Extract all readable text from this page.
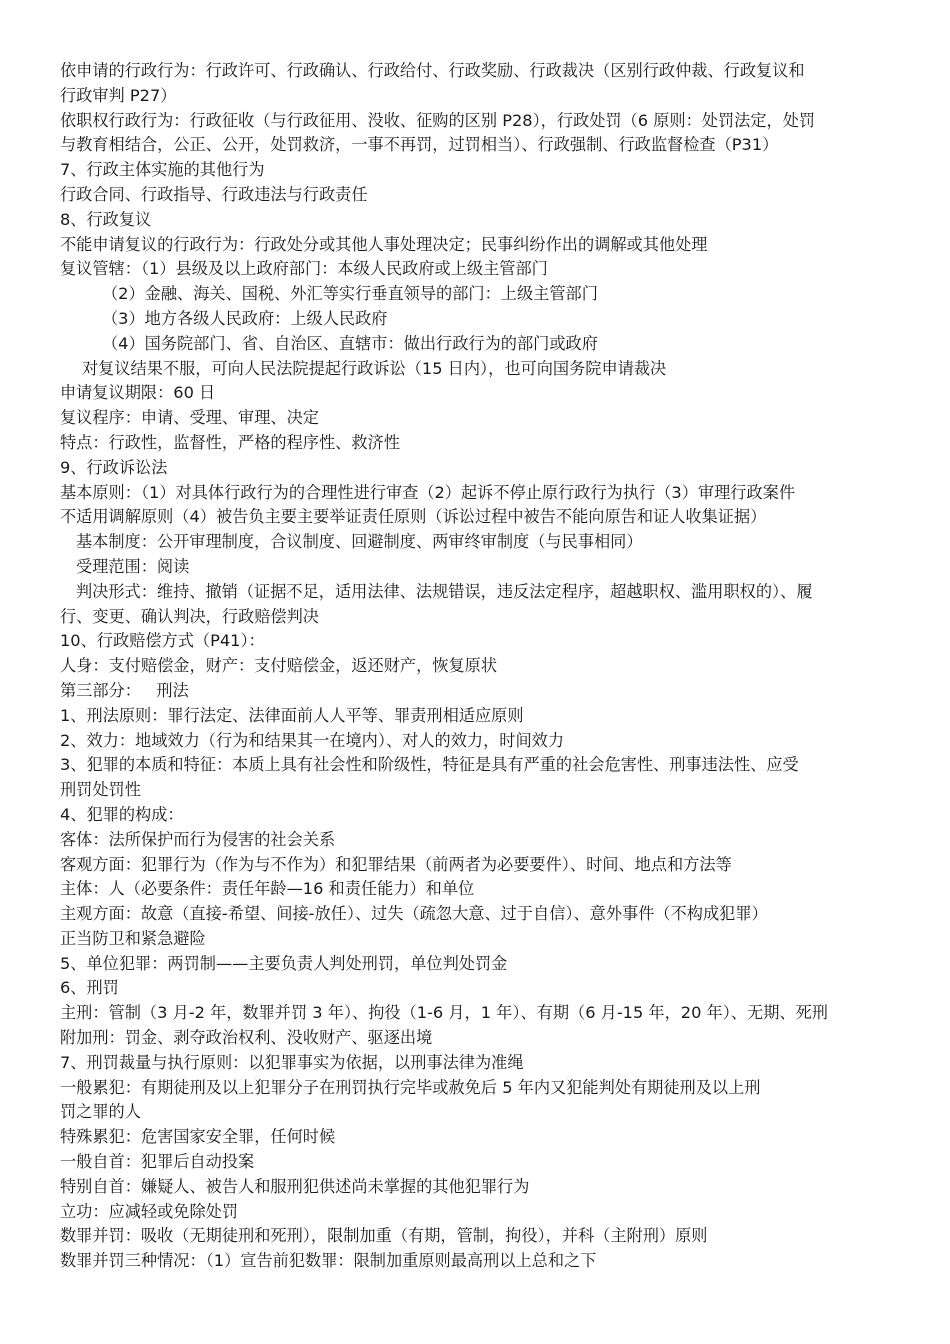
依申请的行政行为：行政许可、行政确认、行政给付、行政奖励、行政裁决（区别行政仲裁、行政复议和
行政审判 P27）
依职权行政行为：行政征收（与行政征用、没收、征购的区别 P28），行政处罚（6 原则：处罚法定，处罚
与教育相结合，公正、公开，处罚救济，一事不再罚，过罚相当）、行政强制、行政监督检查（P31）
7、行政主体实施的其他行为
行政合同、行政指导、行政违法与行政责任
8、行政复议
不能申请复议的行政行为：行政处分或其他人事处理决定；民事纠纷作出的调解或其他处理
复议管辖：（1）县级及以上政府部门：本级人民政府或上级主管部门
（2）金融、海关、国税、外汇等实行垂直领导的部门：上级主管部门
（3）地方各级人民政府：上级人民政府
（4）国务院部门、省、自治区、直辖市：做出行政行为的部门或政府
对复议结果不服，可向人民法院提起行政诉讼（15 日内），也可向国务院申请裁决
申请复议期限：60 日
复议程序：申请、受理、审理、决定
特点：行政性，监督性，严格的程序性、救济性
9、行政诉讼法
基本原则：（1）对具体行政行为的合理性进行审查（2）起诉不停止原行政行为执行（3）审理行政案件
不适用调解原则（4）被告负主要主要举证责任原则（诉讼过程中被告不能向原告和证人收集证据）
基本制度：公开审理制度，合议制度、回避制度、两审终审制度（与民事相同）
受理范围：阅读
判决形式：维持、撤销（证据不足，适用法律、法规错误，违反法定程序，超越职权、滥用职权的）、履
行、变更、确认判决，行政赔偿判决
10、行政赔偿方式（P41）：
人身：支付赔偿金，财产：支付赔偿金，返还财产，恢复原状
第三部分：   刑法
1、刑法原则：罪行法定、法律面前人人平等、罪责刑相适应原则
2、效力：地域效力（行为和结果其一在境内）、对人的效力，时间效力
3、犯罪的本质和特征：本质上具有社会性和阶级性，特征是具有严重的社会危害性、刑事违法性、应受
刑罚处罚性
4、犯罪的构成：
客体：法所保护而行为侵害的社会关系
客观方面：犯罪行为（作为与不作为）和犯罪结果（前两者为必要要件）、时间、地点和方法等
主体：人（必要条件：责任年龄—16 和责任能力）和单位
主观方面：故意（直接-希望、间接-放任）、过失（疏忽大意、过于自信）、意外事件（不构成犯罪）
正当防卫和紧急避险
5、单位犯罪：两罚制——主要负责人判处刑罚，单位判处罚金
6、刑罚
主刑：管制（3 月-2 年，数罪并罚 3 年）、拘役（1-6 月，1 年）、有期（6 月-15 年，20 年）、无期、死刑
附加刑：罚金、剥夺政治权利、没收财产、驱逐出境
7、刑罚裁量与执行原则：以犯罪事实为依据，以刑事法律为准绳
一般累犯：有期徒刑及以上犯罪分子在刑罚执行完毕或赦免后 5 年内又犯能判处有期徒刑及以上刑
罚之罪的人
特殊累犯：危害国家安全罪，任何时候
一般自首：犯罪后自动投案
特别自首：嫌疑人、被告人和服刑犯供述尚未掌握的其他犯罪行为
立功：应减轻或免除处罚
数罪并罚：吸收（无期徒刑和死刑），限制加重（有期，管制，拘役），并科（主附刑）原则
数罪并罚三种情况：（1）宣告前犯数罪：限制加重原则最高刑以上总和之下
